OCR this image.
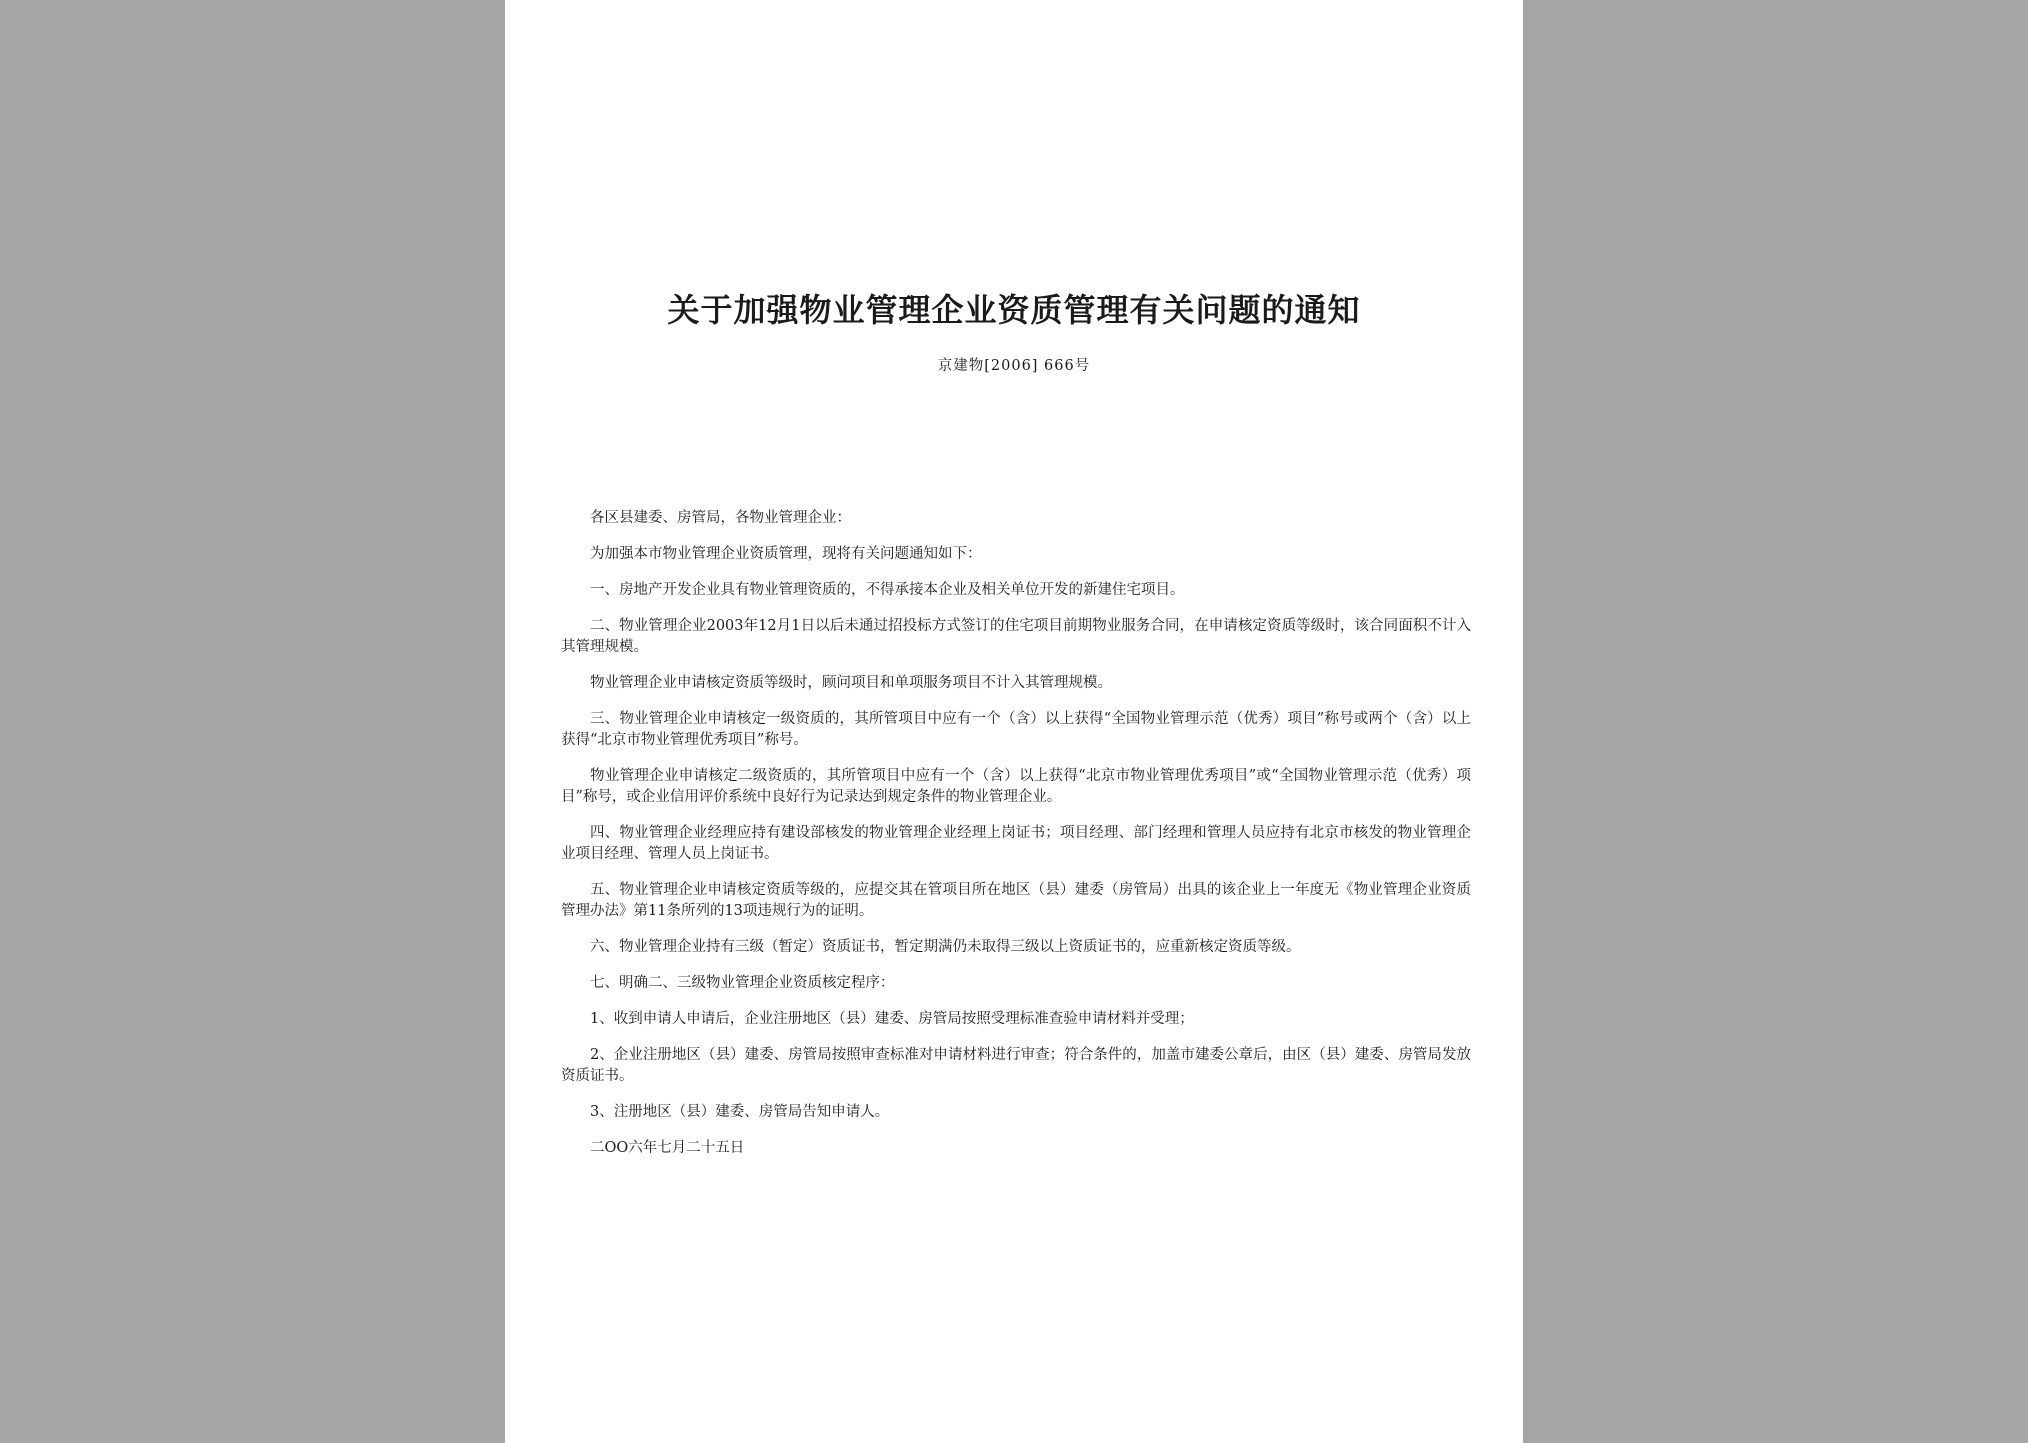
关于加强物业管理企业资质管理有关问题的通知
京建物[2006] 666号

各区县建委、房管局，各物业管理企业：

为加强本市物业管理企业资质管理，现将有关问题通知如下：

一、房地产开发企业具有物业管理资质的，不得承接本企业及相关单位开发的新建住宅项目。

二、物业管理企业2003年12月1日以后未通过招投标方式签订的住宅项目前期物业服务合同，在申请核定资质等级时，该合同面积不计入其管理规模。

物业管理企业申请核定资质等级时，顾问项目和单项服务项目不计入其管理规模。

三、物业管理企业申请核定一级资质的，其所管项目中应有一个（含）以上获得“全国物业管理示范（优秀）项目”称号或两个（含）以上获得“北京市物业管理优秀项目”称号。

物业管理企业申请核定二级资质的，其所管项目中应有一个（含）以上获得“北京市物业管理优秀项目”或“全国物业管理示范（优秀）项目”称号，或企业信用评价系统中良好行为记录达到规定条件的物业管理企业。

四、物业管理企业经理应持有建设部核发的物业管理企业经理上岗证书；项目经理、部门经理和管理人员应持有北京市核发的物业管理企业项目经理、管理人员上岗证书。

五、物业管理企业申请核定资质等级的，应提交其在管项目所在地区（县）建委（房管局）出具的该企业上一年度无《物业管理企业资质管理办法》第11条所列的13项违规行为的证明。

六、物业管理企业持有三级（暂定）资质证书，暂定期满仍未取得三级以上资质证书的，应重新核定资质等级。

七、明确二、三级物业管理企业资质核定程序：

1、收到申请人申请后，企业注册地区（县）建委、房管局按照受理标准查验申请材料并受理；

2、企业注册地区（县）建委、房管局按照审查标准对申请材料进行审查；符合条件的，加盖市建委公章后，由区（县）建委、房管局发放资质证书。

3、注册地区（县）建委、房管局告知申请人。

二OO六年七月二十五日
